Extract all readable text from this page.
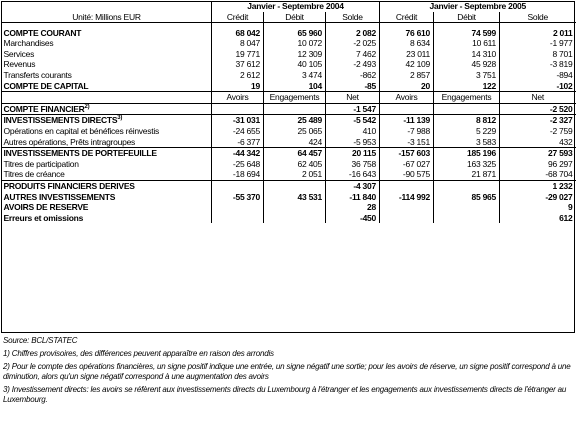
	Janvier - Septembre 2004			Janvier - Septembre 2005		
Unité: Millions EUR	Crédit	Débit	Solde	Crédit	Débit	Solde

COMPTE COURANT	68 042	65 960	2 082	76 610	74 599	2 011
Marchandises	8 047	10 072	-2 025	8 634	10 611	-1 977
Services	19 771	12 309	7 462	23 011	14 310	8 701
Revenus	37 612	40 105	-2 493	42 109	45 928	-3 819
Transferts courants	2 612	3 474	-862	2 857	3 751	-894
COMPTE DE CAPITAL	19	104	-85	20	122	-102
	Avoirs	Engagements	Net	Avoirs	Engagements	Net
COMPTE FINANCIER$^{2)}$			-1 547			-2 520
INVESTISSEMENTS DIRECTS$^{3)}$	-31 031	25 489	-5 542	-11 139	8 812	-2 327
Opérations en capital et bénéfices réinvestis	-24 655	25 065	410	-7 988	5 229	-2 759
Autres opérations, Prêts intragroupes	-6 377	424	-5 953	-3 151	3 583	432
INVESTISSEMENTS DE PORTEFEUILLE	-44 342	64 457	20 115	-157 603	185 196	27 593
Titres de participation	-25 648	62 405	36 758	-67 027	163 325	96 297
Titres de créance	-18 694	2 051	-16 643	-90 575	21 871	-68 704
PRODUITS FINANCIERS DERIVES			-4 307			1 232
AUTRES INVESTISSEMENTS	-55 370	43 531	-11 840	-114 992	85 965	-29 027
AVOIRS DE RESERVE			28			9
Erreurs et omissions			-450			612

Source: BCL/STATEC

1) Chiffres provisoires, des différences peuvent apparaître en raison des arrondis

2) Pour le compte des opérations financières, un signe positif indique une entrée, un signe négatif une sortie; pour les avoirs de réserve, un signe positif correspond à une diminution, alors qu'un signe négatif correspond à une augmentation des avoirs

3) Investissement directs: les avoirs se réfèrent aux investissements directs du Luxembourg à l'étranger et les engagements aux investissements directs de l'étranger au Luxembourg.
